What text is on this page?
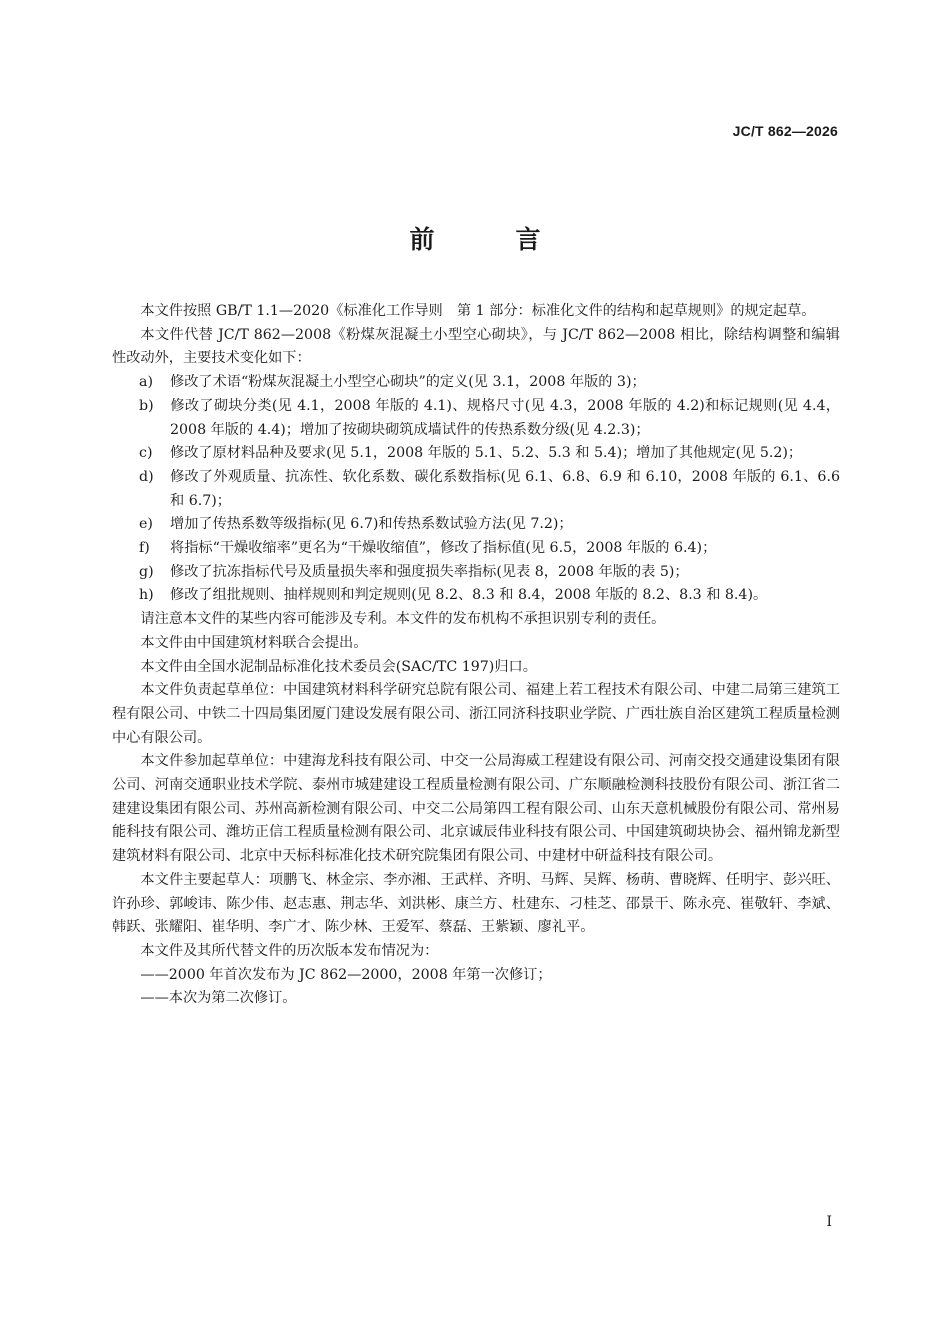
JC/T 862—2026
前　言

本文件按照 GB/T 1.1—2020《标准化工作导则　第 1 部分：标准化文件的结构和起草规则》的规定起草。

本文件代替 JC/T 862—2008《粉煤灰混凝土小型空心砌块》，与 JC/T 862—2008 相比，除结构调整和编辑性改动外，主要技术变化如下：

a) 修改了术语“粉煤灰混凝土小型空心砌块”的定义(见 3.1，2008 年版的 3)；

b) 修改了砌块分类(见 4.1，2008 年版的 4.1)、规格尺寸(见 4.3，2008 年版的 4.2)和标记规则(见 4.4，2008 年版的 4.4)；增加了按砌块砌筑成墙试件的传热系数分级(见 4.2.3)；

c) 修改了原材料品种及要求(见 5.1，2008 年版的 5.1、5.2、5.3 和 5.4)；增加了其他规定(见 5.2)；

d) 修改了外观质量、抗冻性、软化系数、碳化系数指标(见 6.1、6.8、6.9 和 6.10，2008 年版的 6.1、6.6 和 6.7)；

e) 增加了传热系数等级指标(见 6.7)和传热系数试验方法(见 7.2)；

f) 将指标“干燥收缩率”更名为“干燥收缩值”，修改了指标值(见 6.5，2008 年版的 6.4)；

g) 修改了抗冻指标代号及质量损失率和强度损失率指标(见表 8，2008 年版的表 5)；

h) 修改了组批规则、抽样规则和判定规则(见 8.2、8.3 和 8.4，2008 年版的 8.2、8.3 和 8.4)。

请注意本文件的某些内容可能涉及专利。本文件的发布机构不承担识别专利的责任。

本文件由中国建筑材料联合会提出。

本文件由全国水泥制品标准化技术委员会(SAC/TC 197)归口。

本文件负责起草单位：中国建筑材料科学研究总院有限公司、福建上若工程技术有限公司、中建二局第三建筑工程有限公司、中铁二十四局集团厦门建设发展有限公司、浙江同济科技职业学院、广西壮族自治区建筑工程质量检测中心有限公司。

本文件参加起草单位：中建海龙科技有限公司、中交一公局海威工程建设有限公司、河南交投交通建设集团有限公司、河南交通职业技术学院、泰州市城建建设工程质量检测有限公司、广东顺融检测科技股份有限公司、浙江省二建建设集团有限公司、苏州高新检测有限公司、中交二公局第四工程有限公司、山东天意机械股份有限公司、常州易能科技有限公司、潍坊正信工程质量检测有限公司、北京诚辰伟业科技有限公司、中国建筑砌块协会、福州锦龙新型建筑材料有限公司、北京中天标科标准化技术研究院集团有限公司、中建材中研益科技有限公司。

本文件主要起草人：项鹏飞、林金宗、李亦湘、王武样、齐明、马辉、吴辉、杨萌、曹晓辉、任明宇、彭兴旺、许孙珍、郭峻讳、陈少伟、赵志惠、荆志华、刘洪彬、康兰方、杜建东、刁桂芝、邵景干、陈永亮、崔敬轩、李斌、韩跃、张耀阳、崔华明、李广才、陈少林、王爱军、蔡磊、王紫颖、廖礼平。

本文件及其所代替文件的历次版本发布情况为：

——2000 年首次发布为 JC 862—2000，2008 年第一次修订；

——本次为第二次修订。

I
